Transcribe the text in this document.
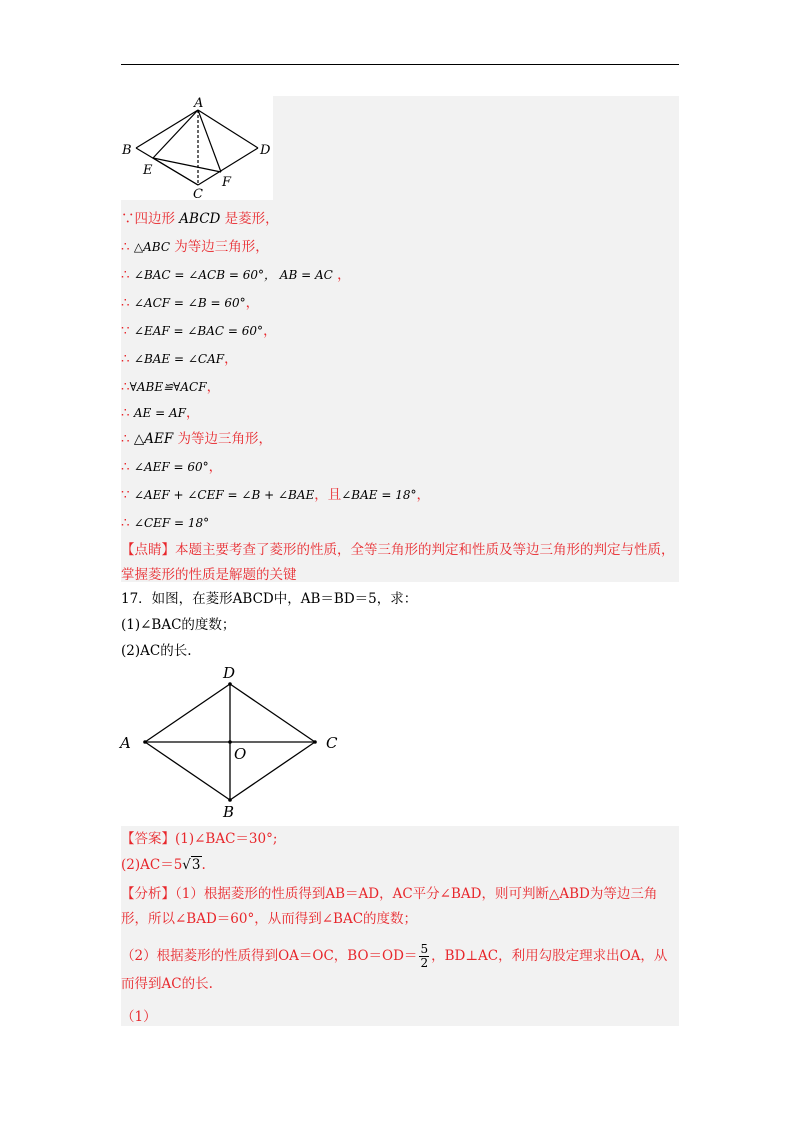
A
B	D
E
F
C
∵四边形 ABCD 是菱形，
∴ △ABC 为等边三角形，
∴ ∠BAC = ∠ACB = 60°， AB = AC ，
∴ ∠ACF = ∠B = 60°，
∵ ∠EAF = ∠BAC = 60°，
∴ ∠BAE = ∠CAF，
∴∀ABE≌∀ACF，
∴ AE = AF，
∴ △AEF 为等边三角形，
∴ ∠AEF = 60°，
∵ ∠AEF + ∠CEF = ∠B + ∠BAE，且∠BAE = 18°，
∴ ∠CEF = 18°
【点睛】本题主要考查了菱形的性质，全等三角形的判定和性质及等边三角形的判定与性质，掌握菱形的性质是解题的关键
17．如图，在菱形ABCD中，AB＝BD＝5，求：
(1)∠BAC的度数；
(2)AC的长.
A	C
D
O
B
【答案】(1)∠BAC＝30°;
(2)AC＝5√3.
【分析】（1）根据菱形的性质得到AB＝AD，AC平分∠BAD，则可判断△ABD为等边三角形，所以∠BAD＝60°，从而得到∠BAC的度数；
（2）根据菱形的性质得到OA＝OC，$BO=OD= \frac{5}{2}$ ，BD⊥AC，利用勾股定理求出OA，从而得到AC的长.
（1）
